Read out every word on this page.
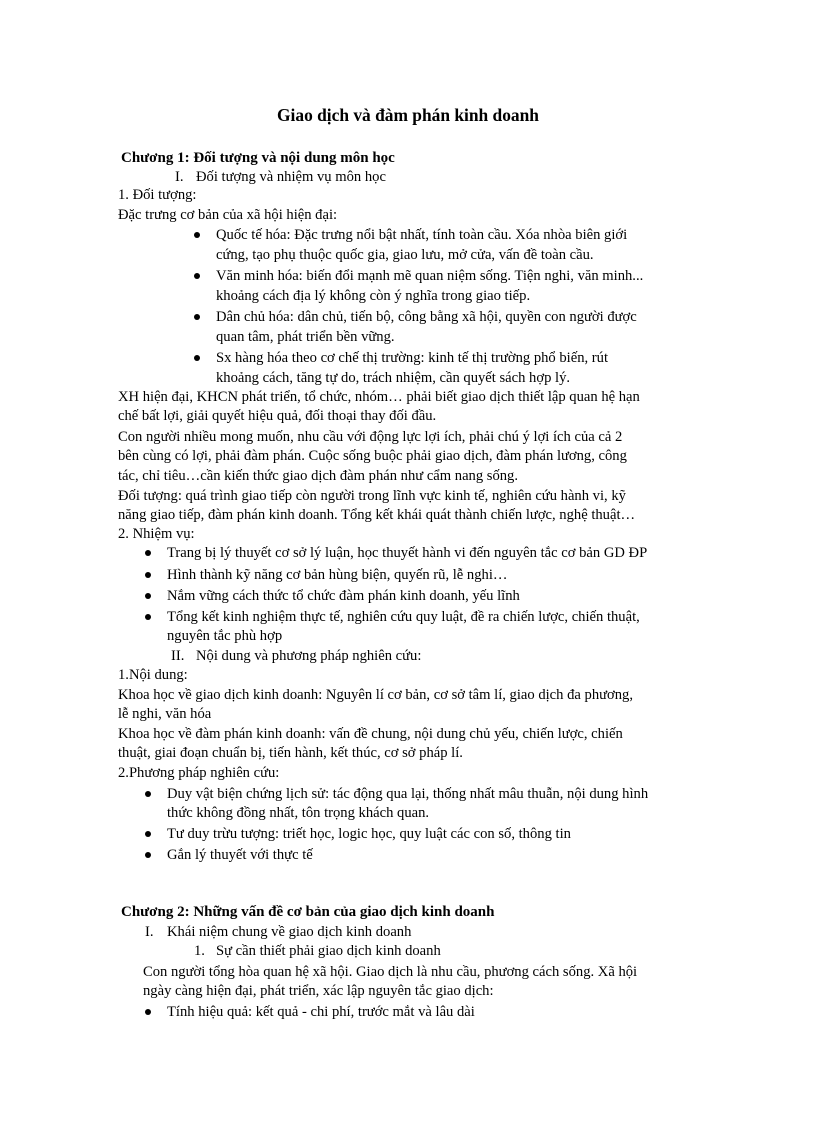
Giao dịch và đàm phán kinh doanh
Chương 1: Đối tượng và nội dung môn học
I. Đối tượng và nhiệm vụ môn học
1. Đối tượng:
Đặc trưng cơ bản của xã hội hiện đại:
Quốc tế hóa: Đặc trưng nổi bật nhất, tính toàn cầu. Xóa nhòa biên giới
cứng, tạo phụ thuộc quốc gia, giao lưu, mở cửa, vấn đề toàn cầu.
Văn minh hóa: biến đổi mạnh mẽ quan niệm sống. Tiện nghi, văn minh...
khoảng cách địa lý không còn ý nghĩa trong giao tiếp.
Dân chủ hóa: dân chủ, tiến bộ, công bằng xã hội, quyền con người được
quan tâm, phát triển bền vững.
Sx hàng hóa theo cơ chế thị trường: kinh tế thị trường phổ biến, rút
khoảng cách, tăng tự do, trách nhiệm, cần quyết sách hợp lý.
XH hiện đại, KHCN phát triển, tổ chức, nhóm… phải biết giao dịch thiết lập quan hệ hạn
chế bất lợi, giải quyết hiệu quả, đối thoại thay đối đầu.
Con người nhiều mong muốn, nhu cầu với động lực lợi ích, phải chú ý lợi ích của cả 2
bên cùng có lợi, phải đàm phán. Cuộc sống buộc phải giao dịch, đàm phán lương, công
tác, chỉ tiêu…cần kiến thức giao dịch đàm phán như cẩm nang sống.
Đối tượng: quá trình giao tiếp còn người trong lĩnh vực kinh tế, nghiên cứu hành vi, kỹ
năng giao tiếp, đàm phán kinh doanh. Tổng kết khái quát thành chiến lược, nghệ thuật…
2. Nhiệm vụ:
Trang bị lý thuyết cơ sở lý luận, học thuyết hành vi đến nguyên tắc cơ bản GD ĐP
Hình thành kỹ năng cơ bản hùng biện, quyến rũ, lễ nghi…
Nắm vững cách thức tổ chức đàm phán kinh doanh, yếu lĩnh
Tổng kết kinh nghiệm thực tế, nghiên cứu quy luật, đề ra chiến lược, chiến thuật,
nguyên tắc phù hợp
II. Nội dung và phương pháp nghiên cứu:
1.Nội dung:
Khoa học về giao dịch kinh doanh: Nguyên lí cơ bản, cơ sở tâm lí, giao dịch đa phương,
lễ nghi, văn hóa
Khoa học về đàm phán kinh doanh: vấn đề chung, nội dung chủ yếu, chiến lược, chiến
thuật, giai đoạn chuẩn bị, tiến hành, kết thúc, cơ sở pháp lí.
2.Phương pháp nghiên cứu:
Duy vật biện chứng lịch sử: tác động qua lại, thống nhất mâu thuẫn, nội dung hình
thức không đồng nhất, tôn trọng khách quan.
Tư duy trừu tượng: triết học, logic học, quy luật các con số, thông tin
Gắn lý thuyết với thực tế
Chương 2: Những vấn đề cơ bản của giao dịch kinh doanh
I. Khái niệm chung về giao dịch kinh doanh
1. Sự cần thiết phải giao dịch kinh doanh
Con người tổng hòa quan hệ xã hội. Giao dịch là nhu cầu, phương cách sống. Xã hội
ngày càng hiện đại, phát triển, xác lập nguyên tắc giao dịch:
Tính hiệu quả: kết quả - chi phí, trước mắt và lâu dài
